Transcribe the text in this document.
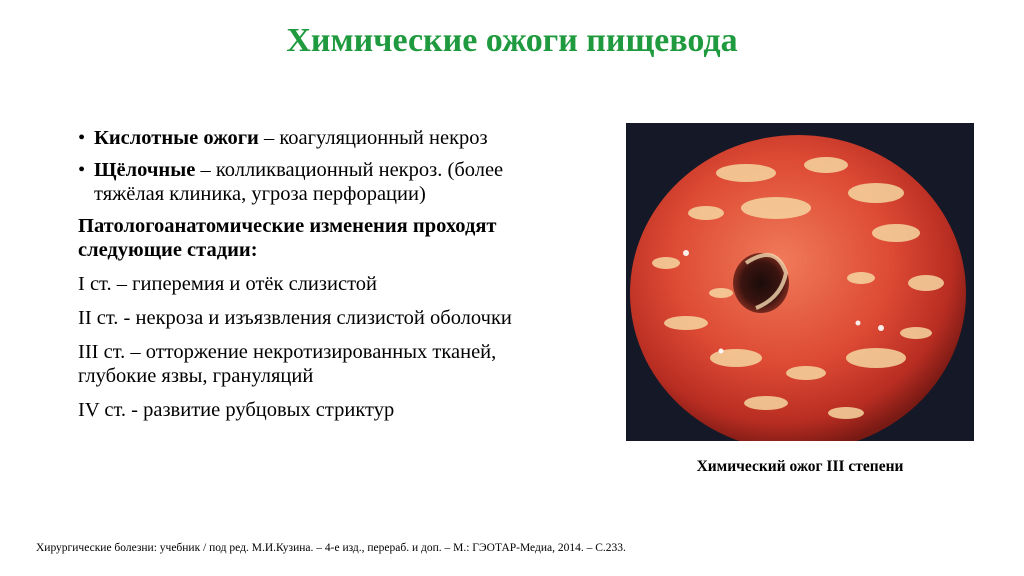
Химические ожоги пищевода
• Кислотные ожоги – коагуляционный некроз
• Щёлочные – колликвационный некроз. (более тяжёлая клиника, угроза перфорации)
Патологоанатомические изменения проходят следующие стадии:
I ст. – гиперемия и отёк слизистой
II ст. - некроза и изъязвления слизистой оболочки
III ст. – отторжение некротизированных тканей, глубокие язвы, грануляций
IV ст. - развитие рубцовых стриктур
Химический ожог III степени
Хирургические болезни: учебник / под ред. М.И.Кузина. – 4-е изд., перераб. и доп. – М.: ГЭОТАР-Медиа, 2014. – С.233.
